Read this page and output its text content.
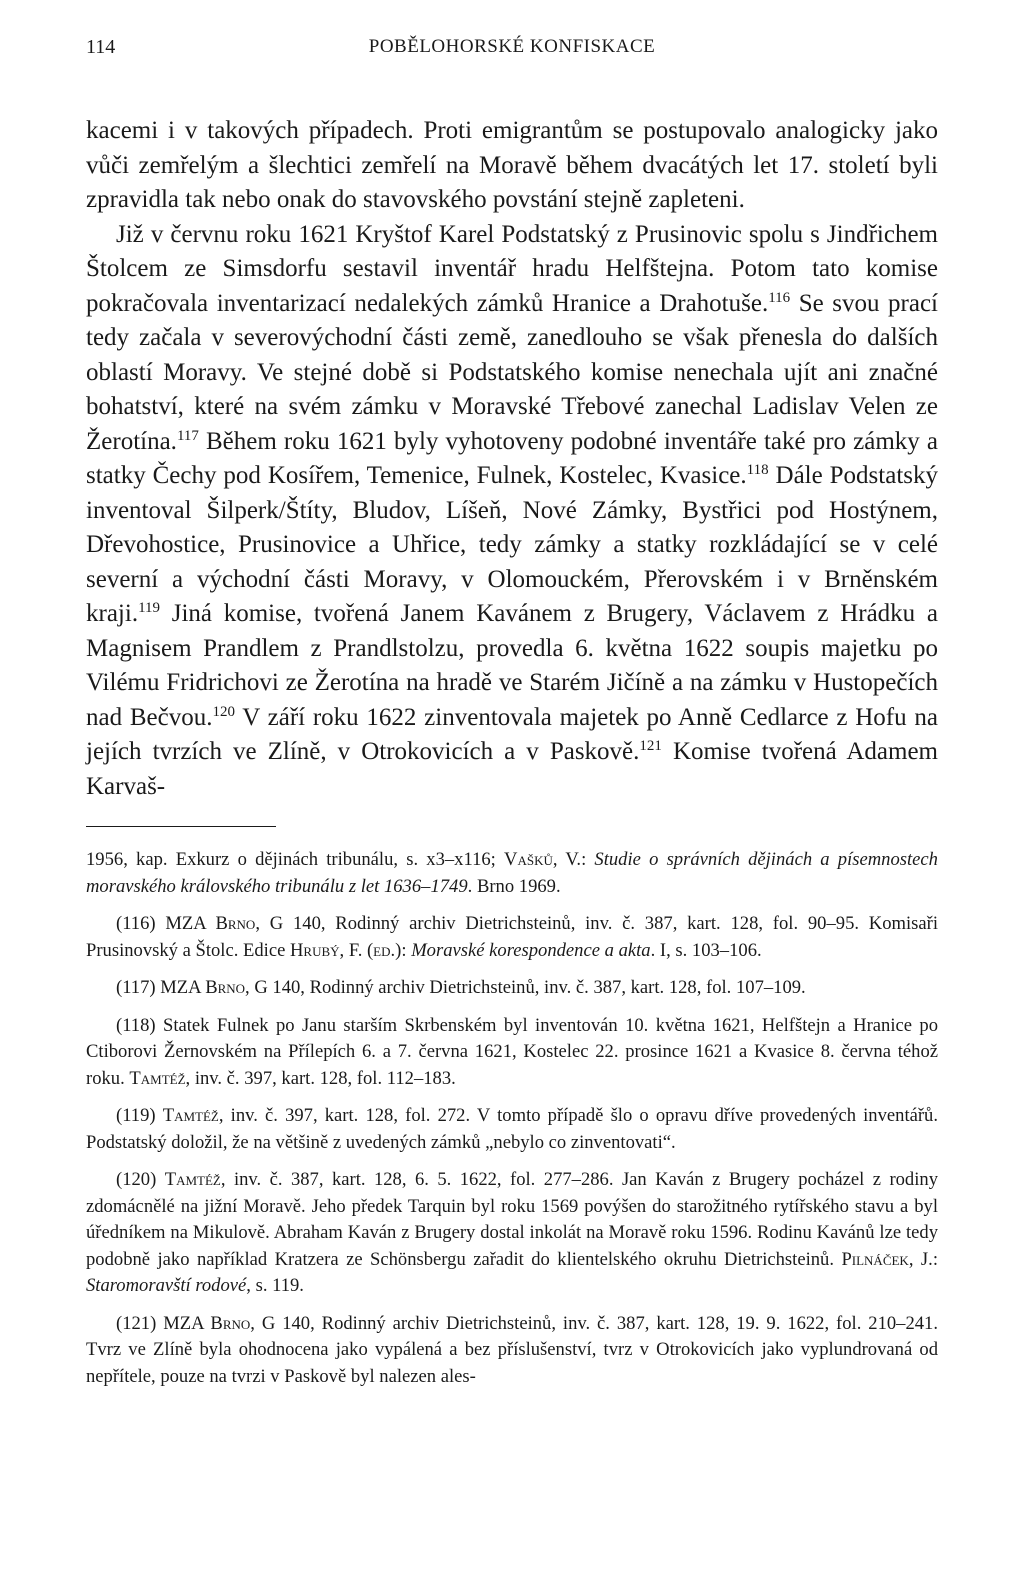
114	POBĚLOHORSKÉ KONFISKACE

kacemi i v takových případech. Proti emigrantům se postupovalo analogicky jako vůči zemřelým a šlechtici zemřelí na Moravě během dvacátých let 17. století byli zpravidla tak nebo onak do stavovského povstání stejně zapleteni.

Již v červnu roku 1621 Kryštof Karel Podstatský z Prusinovic spolu s Jindřichem Štolcem ze Simsdorfu sestavil inventář hradu Helfštejna. Potom tato komise pokračovala inventarizací nedalekých zámků Hranice a Drahotuše.$^{116}$ Se svou prací tedy začala v severovýchodní části země, zanedlouho se však přenesla do dalších oblastí Moravy. Ve stejné době si Podstatského komise nenechala ujít ani značné bohatství, které na svém zámku v Moravské Třebové zanechal Ladislav Velen ze Žerotína.$^{117}$ Během roku 1621 byly vyhotoveny podobné inventáře také pro zámky a statky Čechy pod Kosířem, Temenice, Fulnek, Kostelec, Kvasice.$^{118}$ Dále Podstatský inventoval Šilperk/Štíty, Bludov, Líšeň, Nové Zámky, Bystřici pod Hostýnem, Dřevohostice, Prusinovice a Uhřice, tedy zámky a statky rozkládající se v celé severní a východní části Moravy, v Olomouckém, Přerovském i v Brněnském kraji.$^{119}$ Jiná komise, tvořená Janem Kavánem z Brugery, Václavem z Hrádku a Magnisem Prandlem z Prandlstolzu, provedla 6. května 1622 soupis majetku po Vilému Fridrichovi ze Žerotína na hradě ve Starém Jičíně a na zámku v Hustopečích nad Bečvou.$^{120}$ V září roku 1622 zinventovala majetek po Anně Cedlarce z Hofu na jejích tvrzích ve Zlíně, v Otrokovicích a v Paskově.$^{121}$ Komise tvořená Adamem Karvaš-

1956, kap. Exkurz o dějinách tribunálu, s. x3–x116; Vašků, V.: Studie o správních dějinách a písemnostech moravského královského tribunálu z let 1636–1749. Brno 1969.

(116) MZA Brno, G 140, Rodinný archiv Dietrichsteinů, inv. č. 387, kart. 128, fol. 90–95. Komisaři Prusinovský a Štolc. Edice Hrubý, F. (ed.): Moravské korespondence a akta. I, s. 103–106.

(117) MZA Brno, G 140, Rodinný archiv Dietrichsteinů, inv. č. 387, kart. 128, fol. 107–109.

(118) Statek Fulnek po Janu starším Skrbenském byl inventován 10. května 1621, Helfštejn a Hranice po Ctiborovi Žernovském na Přílepích 6. a 7. června 1621, Kostelec 22. prosince 1621 a Kvasice 8. června téhož roku. Tamtéž, inv. č. 397, kart. 128, fol. 112–183.

(119) Tamtéž, inv. č. 397, kart. 128, fol. 272. V tomto případě šlo o opravu dříve provedených inventářů. Podstatský doložil, že na většině z uvedených zámků „nebylo co zinventovati“.

(120) Tamtéž, inv. č. 387, kart. 128, 6. 5. 1622, fol. 277–286. Jan Kaván z Brugery pocházel z rodiny zdomácnělé na jižní Moravě. Jeho předek Tarquin byl roku 1569 povýšen do starožitného rytířského stavu a byl úředníkem na Mikulově. Abraham Kaván z Brugery dostal inkolát na Moravě roku 1596. Rodinu Kavánů lze tedy podobně jako například Kratzera ze Schönsbergu zařadit do klientelského okruhu Dietrichsteinů. Pilnáček, J.: Staromoravští rodové, s. 119.

(121) MZA Brno, G 140, Rodinný archiv Dietrichsteinů, inv. č. 387, kart. 128, 19. 9. 1622, fol. 210–241. Tvrz ve Zlíně byla ohodnocena jako vypálená a bez příslušenství, tvrz v Otrokovicích jako vyplundrovaná od nepřítele, pouze na tvrzi v Paskově byl nalezen ales-
